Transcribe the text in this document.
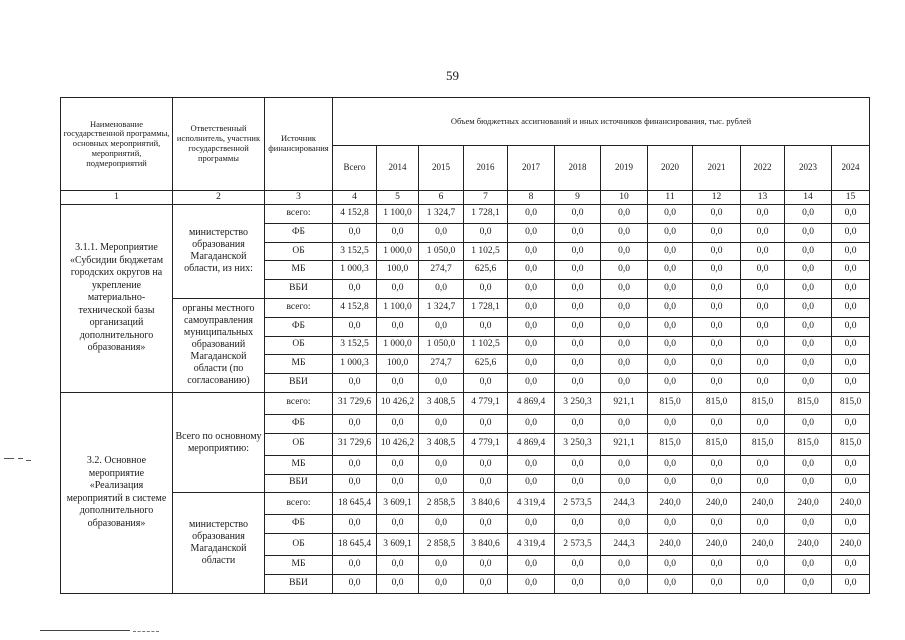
59
Наименование государственной программы, основных мероприятий, мероприятий, подмероприятий	Ответственный исполнитель, участник государственной программы	Источник финансирования	Объем бюджетных ассигнований и иных источников финансирования, тыс. рублей											
			Всего	2014	2015	2016	2017	2018	2019	2020	2021	2022	2023	2024
1	2	3	4	5	6	7	8	9	10	11	12	13	14	15
3.1.1. Мероприятие «Субсидии бюджетам городских округов на укрепление материально-технической базы организаций дополнительного образования»	министерство образования Магаданской области, из них:	всего:	4 152,8	1 100,0	1 324,7	1 728,1	0,0	0,0	0,0	0,0	0,0	0,0	0,0	0,0
		ФБ	0,0	0,0	0,0	0,0	0,0	0,0	0,0	0,0	0,0	0,0	0,0	0,0
		ОБ	3 152,5	1 000,0	1 050,0	1 102,5	0,0	0,0	0,0	0,0	0,0	0,0	0,0	0,0
		МБ	1 000,3	100,0	274,7	625,6	0,0	0,0	0,0	0,0	0,0	0,0	0,0	0,0
		ВБИ	0,0	0,0	0,0	0,0	0,0	0,0	0,0	0,0	0,0	0,0	0,0	0,0
	органы местного самоуправления муниципальных образований Магаданской области (по согласованию)	всего:	4 152,8	1 100,0	1 324,7	1 728,1	0,0	0,0	0,0	0,0	0,0	0,0	0,0	0,0
		ФБ	0,0	0,0	0,0	0,0	0,0	0,0	0,0	0,0	0,0	0,0	0,0	0,0
		ОБ	3 152,5	1 000,0	1 050,0	1 102,5	0,0	0,0	0,0	0,0	0,0	0,0	0,0	0,0
		МБ	1 000,3	100,0	274,7	625,6	0,0	0,0	0,0	0,0	0,0	0,0	0,0	0,0
		ВБИ	0,0	0,0	0,0	0,0	0,0	0,0	0,0	0,0	0,0	0,0	0,0	0,0
3.2. Основное мероприятие «Реализация мероприятий в системе дополнительного образования»	Всего по основному мероприятию:	всего:	31 729,6	10 426,2	3 408,5	4 779,1	4 869,4	3 250,3	921,1	815,0	815,0	815,0	815,0	815,0
		ФБ	0,0	0,0	0,0	0,0	0,0	0,0	0,0	0,0	0,0	0,0	0,0	0,0
		ОБ	31 729,6	10 426,2	3 408,5	4 779,1	4 869,4	3 250,3	921,1	815,0	815,0	815,0	815,0	815,0
		МБ	0,0	0,0	0,0	0,0	0,0	0,0	0,0	0,0	0,0	0,0	0,0	0,0
		ВБИ	0,0	0,0	0,0	0,0	0,0	0,0	0,0	0,0	0,0	0,0	0,0	0,0
	министерство образования Магаданской области	всего:	18 645,4	3 609,1	2 858,5	3 840,6	4 319,4	2 573,5	244,3	240,0	240,0	240,0	240,0	240,0
		ФБ	0,0	0,0	0,0	0,0	0,0	0,0	0,0	0,0	0,0	0,0	0,0	0,0
		ОБ	18 645,4	3 609,1	2 858,5	3 840,6	4 319,4	2 573,5	244,3	240,0	240,0	240,0	240,0	240,0
		МБ	0,0	0,0	0,0	0,0	0,0	0,0	0,0	0,0	0,0	0,0	0,0	0,0
		ВБИ	0,0	0,0	0,0	0,0	0,0	0,0	0,0	0,0	0,0	0,0	0,0	0,0
